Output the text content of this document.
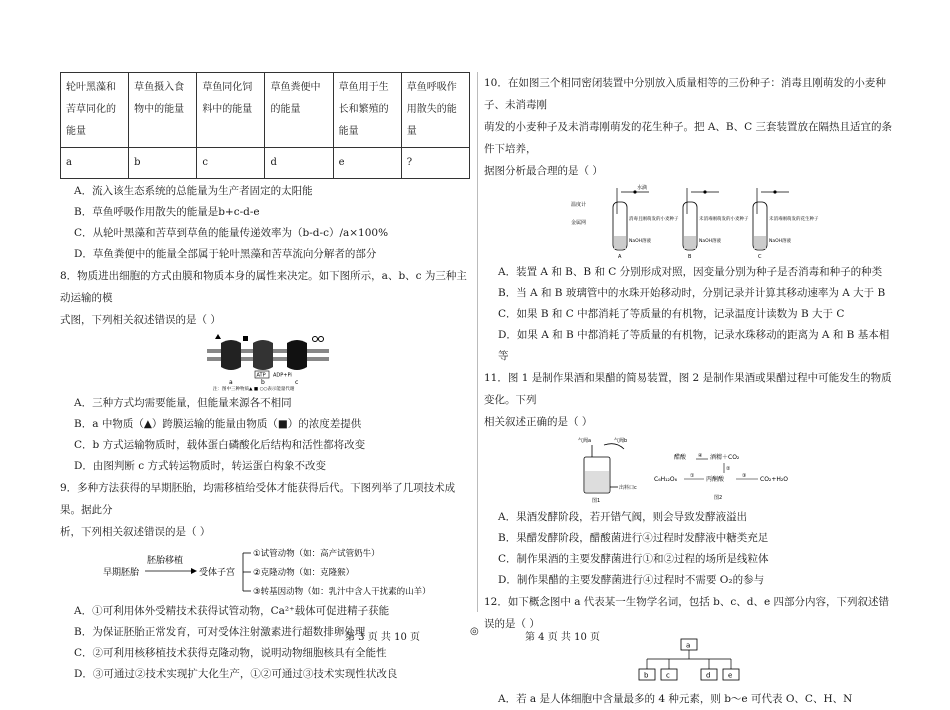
轮叶黑藻和苦草同化的能量	草鱼摄入食物中的能量	草鱼同化饲料中的能量	草鱼粪便中的能量	草鱼用于生长和繁殖的能量	草鱼呼吸作用散失的能量
a	b	c	d	e	?

A．流入该生态系统的总能量为生产者固定的太阳能

B．草鱼呼吸作用散失的能量是b+c-d-e

C．从轮叶黑藻和苦草到草鱼的能量传递效率为（b-d-c）/a×100%

D．草鱼粪便中的能量全部属于轮叶黑藻和苦草流向分解者的部分

8．物质进出细胞的方式由膜和物质本身的属性来决定。如下图所示，a、b、c 为三种主动运输的模

式图，下列相关叙述错误的是（ ）

ATP ADP+Pi
a	b	c
注：图中三种物质▲ ■ ○○表示能量代谢

A．三种方式均需要能量，但能量来源各不相同

B．a 中物质（▲）跨膜运输的能量由物质（■）的浓度差提供

C．b 方式运输物质时，载体蛋白磷酸化后结构和活性都将改变

D．由图判断 c 方式转运物质时，转运蛋白构象不改变

9．多种方法获得的早期胚胎，均需移植给受体才能获得后代。下图列举了几项技术成果。据此分

析，下列相关叙述错误的是（ ）

早期胚胎
胚胎移植
受体子宫
①试管动物（如：高产试管奶牛）
②克隆动物（如：克隆猴）
③转基因动物（如：乳汁中含人干扰素的山羊）

A．①可利用体外受精技术获得试管动物，Ca²⁺载体可促进精子获能

B．为保证胚胎正常发育，可对受体注射激素进行超数排卵处理

C．②可利用核移植技术获得克隆动物，说明动物细胞核具有全能性

D．③可通过②技术实现扩大化生产，①②可通过③技术实现性状改良

10．在如图三个相同密闭装置中分别放入质量相等的三份种子：消毒且刚萌发的小麦种子、未消毒刚

萌发的小麦种子及未消毒刚萌发的花生种子。把 A、B、C 三套装置放在隔热且适宜的条件下培养，

据图分析最合理的是（ ）

温度计
金属网
水滴
消毒且刚萌发的小麦种子
NaOH溶液
A
未消毒刚萌发的小麦种子
NaOH溶液
B
未消毒刚萌发的花生种子
NaOH溶液
C

A．装置 A 和 B、B 和 C 分别形成对照，因变量分别为种子是否消毒和种子的种类

B．当 A 和 B 玻璃管中的水珠开始移动时，分别记录并计算其移动速率为 A 大于 B

C．如果 B 和 C 中都消耗了等质量的有机物，记录温度计读数为 B 大于 C

D．如果 A 和 B 中都消耗了等质量的有机物，记录水珠移动的距离为 A 和 B 基本相等

11．图 1 是制作果酒和果醋的简易装置，图 2 是制作果酒或果醋过程中可能发生的物质变化。下列

相关叙述正确的是（ ）

气阀a	气阀b
出料口c
图1
醋酸 ④ 酒精＋CO₂
②
C₆H₁₂O₆	① 丙酮酸	③ CO₂+H₂O
图2

A．果酒发酵阶段，若开错气阀，则会导致发酵液溢出

B．果醋发酵阶段，醋酸菌进行④过程时发酵液中糖类充足

C．制作果酒的主要发酵菌进行①和②过程的场所是线粒体

D．制作果醋的主要发酵菌进行④过程时不需要 O₂的参与

12．如下概念图中 a 代表某一生物学名词，包括 b、c、d、e 四部分内容，下列叙述错误的是（ ）

a
b	c	d	e

A．若 a 是人体细胞中含量最多的 4 种元素，则 b～e 可代表 O、C、H、N

第 3 页 共 10 页
◎
第 4 页 共 10 页
